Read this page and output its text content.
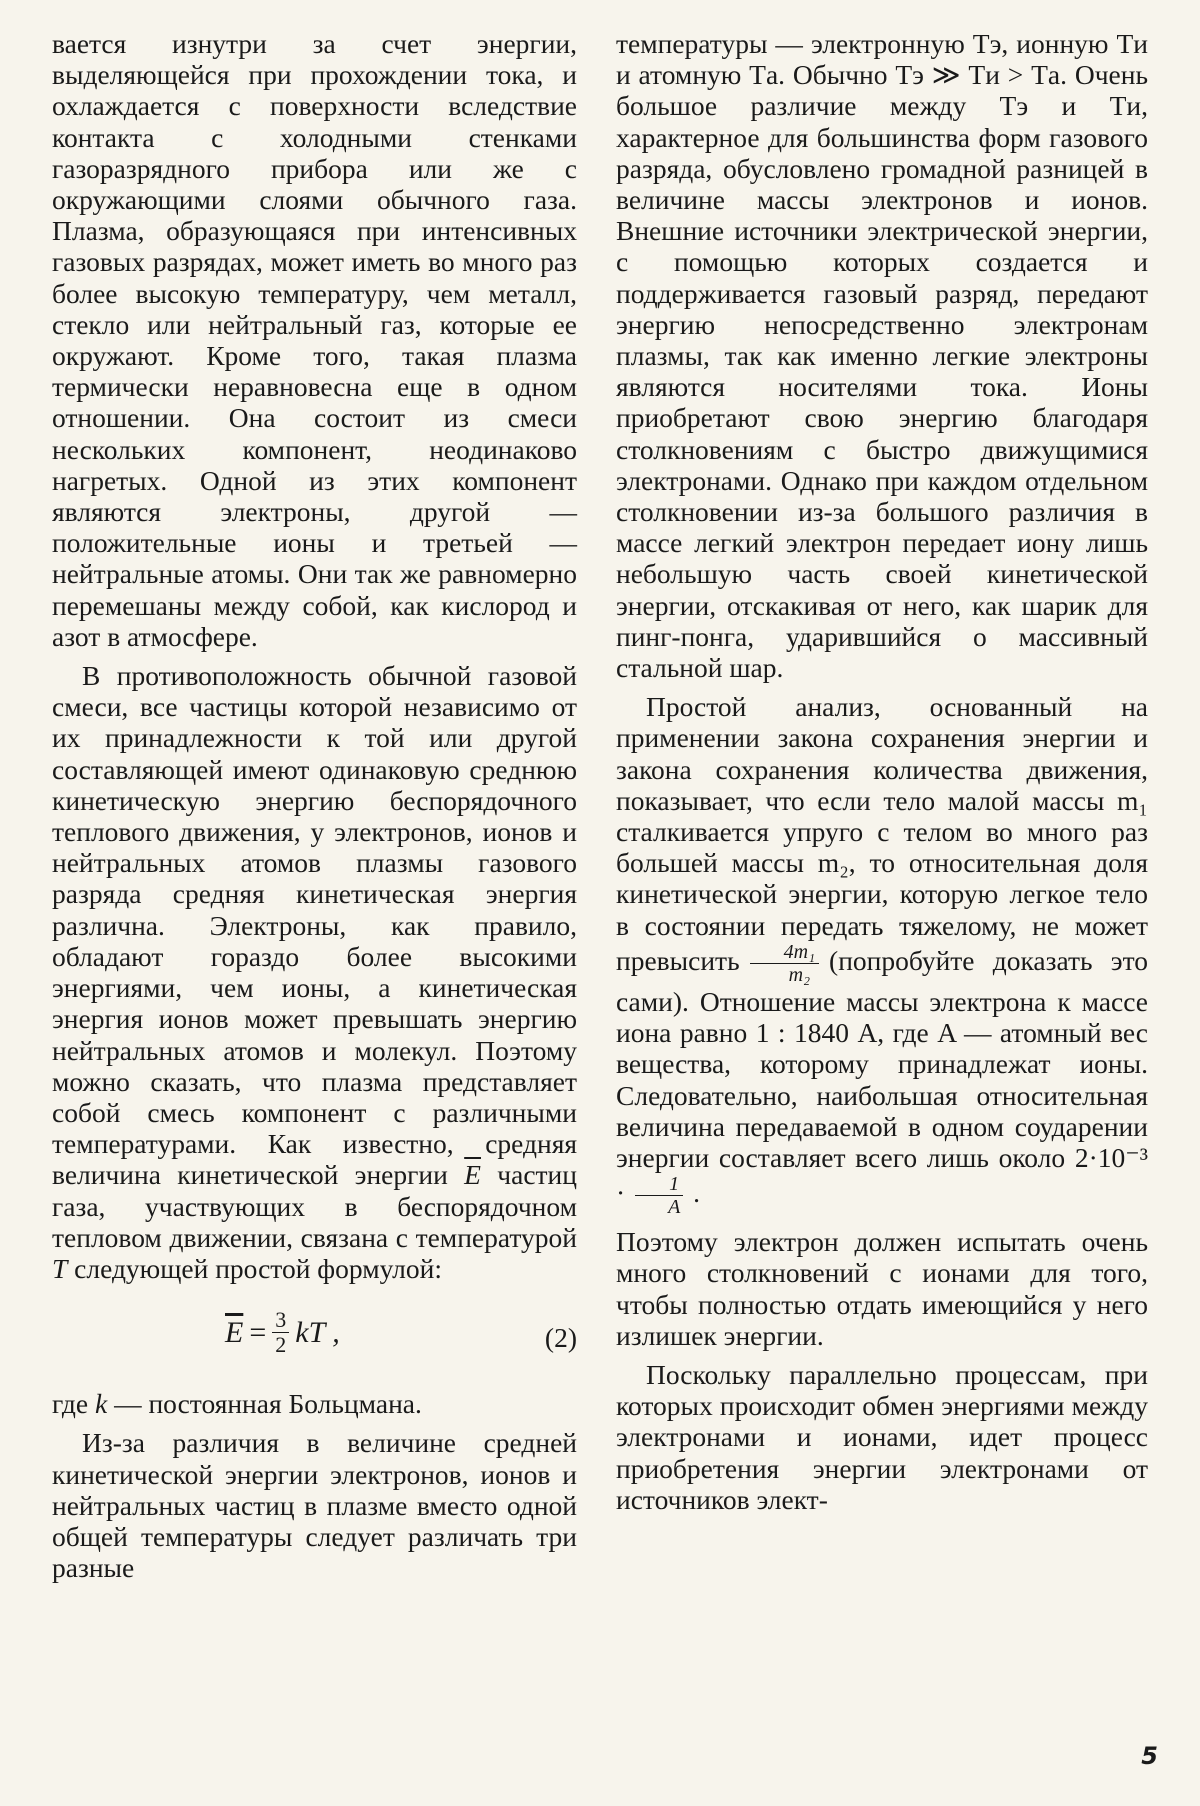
вается изнутри за счет энергии, выделяющейся при прохождении тока, и охлаждается с поверхности вследствие контакта с холодными стенками газоразрядного прибора или же с окружающими слоями обычного газа. Плазма, образующаяся при интенсивных газовых разрядах, может иметь во много раз более высокую температуру, чем металл, стекло или нейтральный газ, которые ее окружают. Кроме того, такая плазма термически неравновесна еще в одном отношении. Она состоит из смеси нескольких компонент, неодинаково нагретых. Одной из этих компонент являются электроны, другой — положительные ионы и третьей — нейтральные атомы. Они так же равномерно перемешаны между собой, как кислород и азот в атмосфере.

В противоположность обычной газовой смеси, все частицы которой независимо от их принадлежности к той или другой составляющей имеют одинаковую среднюю кинетическую энергию беспорядочного теплового движения, у электронов, ионов и нейтральных атомов плазмы газового разряда средняя кинетическая энергия различна. Электроны, как правило, обладают гораздо более высокими энергиями, чем ионы, а кинетическая энергия ионов может превышать энергию нейтральных атомов и молекул. Поэтому можно сказать, что плазма представляет собой смесь компонент с различными температурами. Как известно, средняя величина кинетической энергии $\overline{E}$ частиц газа, участвующих в беспорядочном тепловом движении, связана с температурой T следующей простой формулой:

$\overline{E} = \frac{3}{2}$ kT ,	(2)

где k — постоянная Больцмана.

Из-за различия в величине средней кинетической энергии электронов, ионов и нейтральных частиц в плазме вместо одной общей температуры следует различать три разные

температуры — электронную Tэ, ионную Tи и атомную Tа. Обычно Tэ ≫ Tи > Tа. Очень большое различие между Tэ и Tи, характерное для большинства форм газового разряда, обусловлено громадной разницей в величине массы электронов и ионов. Внешние источники электрической энергии, с помощью которых создается и поддерживается газовый разряд, передают энергию непосредственно электронам плазмы, так как именно легкие электроны являются носителями тока. Ионы приобретают свою энергию благодаря столкновениям с быстро движущимися электронами. Однако при каждом отдельном столкновении из-за большого различия в массе легкий электрон передает иону лишь небольшую часть своей кинетической энергии, отскакивая от него, как шарик для пинг-понга, ударившийся о массивный стальной шар.

Простой анализ, основанный на применении закона сохранения энергии и закона сохранения количества движения, показывает, что если тело малой массы m₁ сталкивается упруго с телом во много раз большей массы m₂, то относительная доля кинетической энергии, которую легкое тело в состоянии передать тяжелому, не может превысить $\frac{\text{4m₁}}{\text{m₂}}$ (попробуйте доказать это сами). Отношение массы электрона к массе иона равно 1 : 1840 A, где A — атомный вес вещества, которому принадлежат ионы. Следовательно, наибольшая относительная величина передаваемой в одном соударении энергии составляет всего лишь около $2\cdot 10^{-3} \cdot \frac{1}{A}$ .

Поэтому электрон должен испытать очень много столкновений с ионами для того, чтобы полностью отдать имеющийся у него излишек энергии.

Поскольку параллельно процессам, при которых происходит обмен энергиями между электронами и ионами, идет процесс приобретения энергии электронами от источников элект-

5
